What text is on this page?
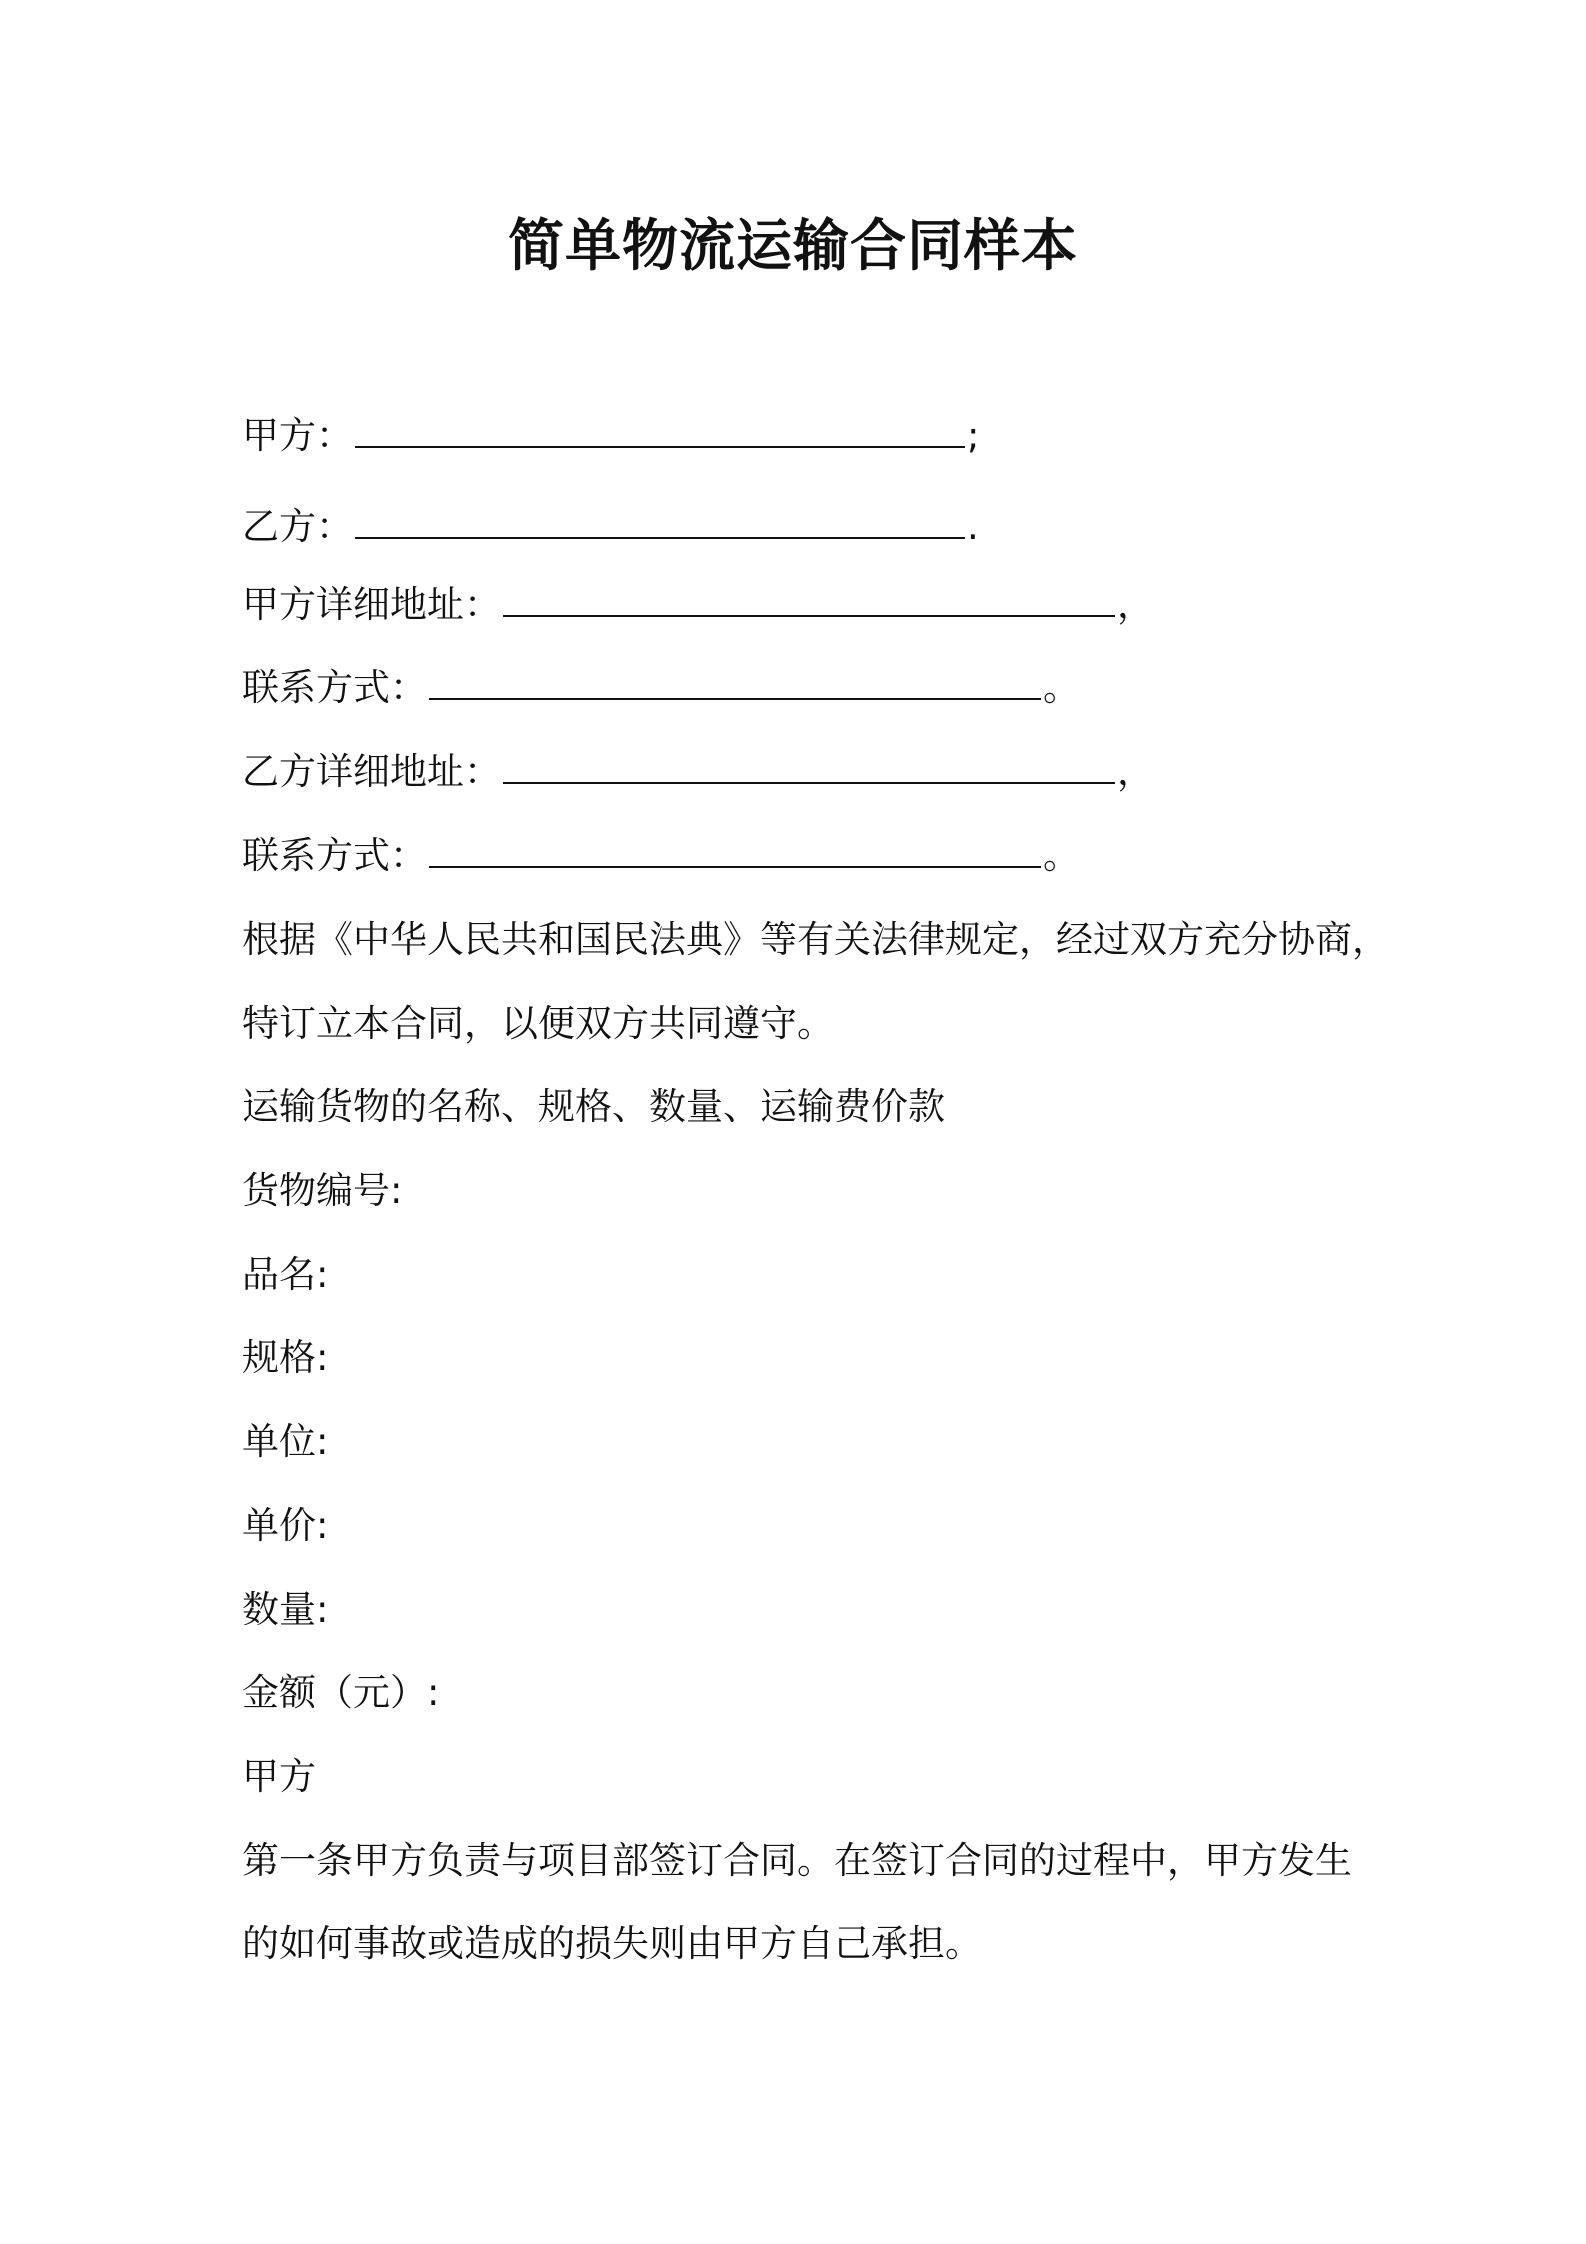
简单物流运输合同样本
甲方：	;
乙方：	.
甲方详细地址：	，
联系方式：	。
乙方详细地址：	，
联系方式：	。
根据《中华人民共和国民法典》等有关法律规定，经过双方充分协商，
特订立本合同，以便双方共同遵守。
运输货物的名称、规格、数量、运输费价款
货物编号:
品名:
规格:
单位:
单价:
数量:
金额（元）:
甲方
第一条甲方负责与项目部签订合同。在签订合同的过程中，甲方发生
的如何事故或造成的损失则由甲方自己承担。
